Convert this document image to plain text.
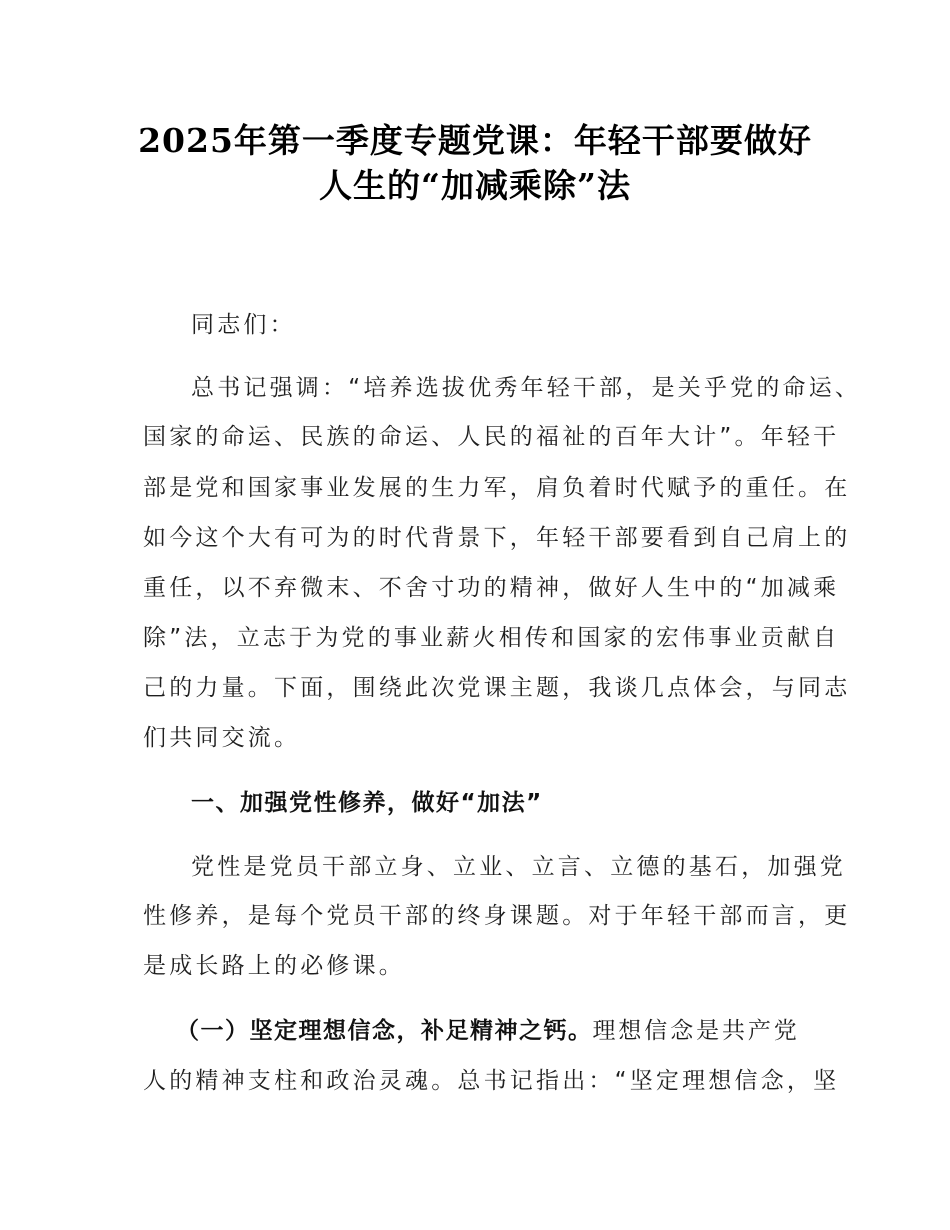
2025年第一季度专题党课：年轻干部要做好
人生的“加减乘除”法
同志们：
总书记强调：“培养选拔优秀年轻干部，是关乎党的命运、
国家的命运、民族的命运、人民的福祉的百年大计”。年轻干
部是党和国家事业发展的生力军，肩负着时代赋予的重任。在
如今这个大有可为的时代背景下，年轻干部要看到自己肩上的
重任，以不弃微末、不舍寸功的精神，做好人生中的“加减乘
除”法，立志于为党的事业薪火相传和国家的宏伟事业贡献自
己的力量。下面，围绕此次党课主题，我谈几点体会，与同志
们共同交流。
一、加强党性修养，做好“加法”
党性是党员干部立身、立业、立言、立德的基石，加强党
性修养，是每个党员干部的终身课题。对于年轻干部而言，更
是成长路上的必修课。
（一）坚定理想信念，补足精神之钙。理想信念是共产党
人的精神支柱和政治灵魂。总书记指出：“坚定理想信念，坚
